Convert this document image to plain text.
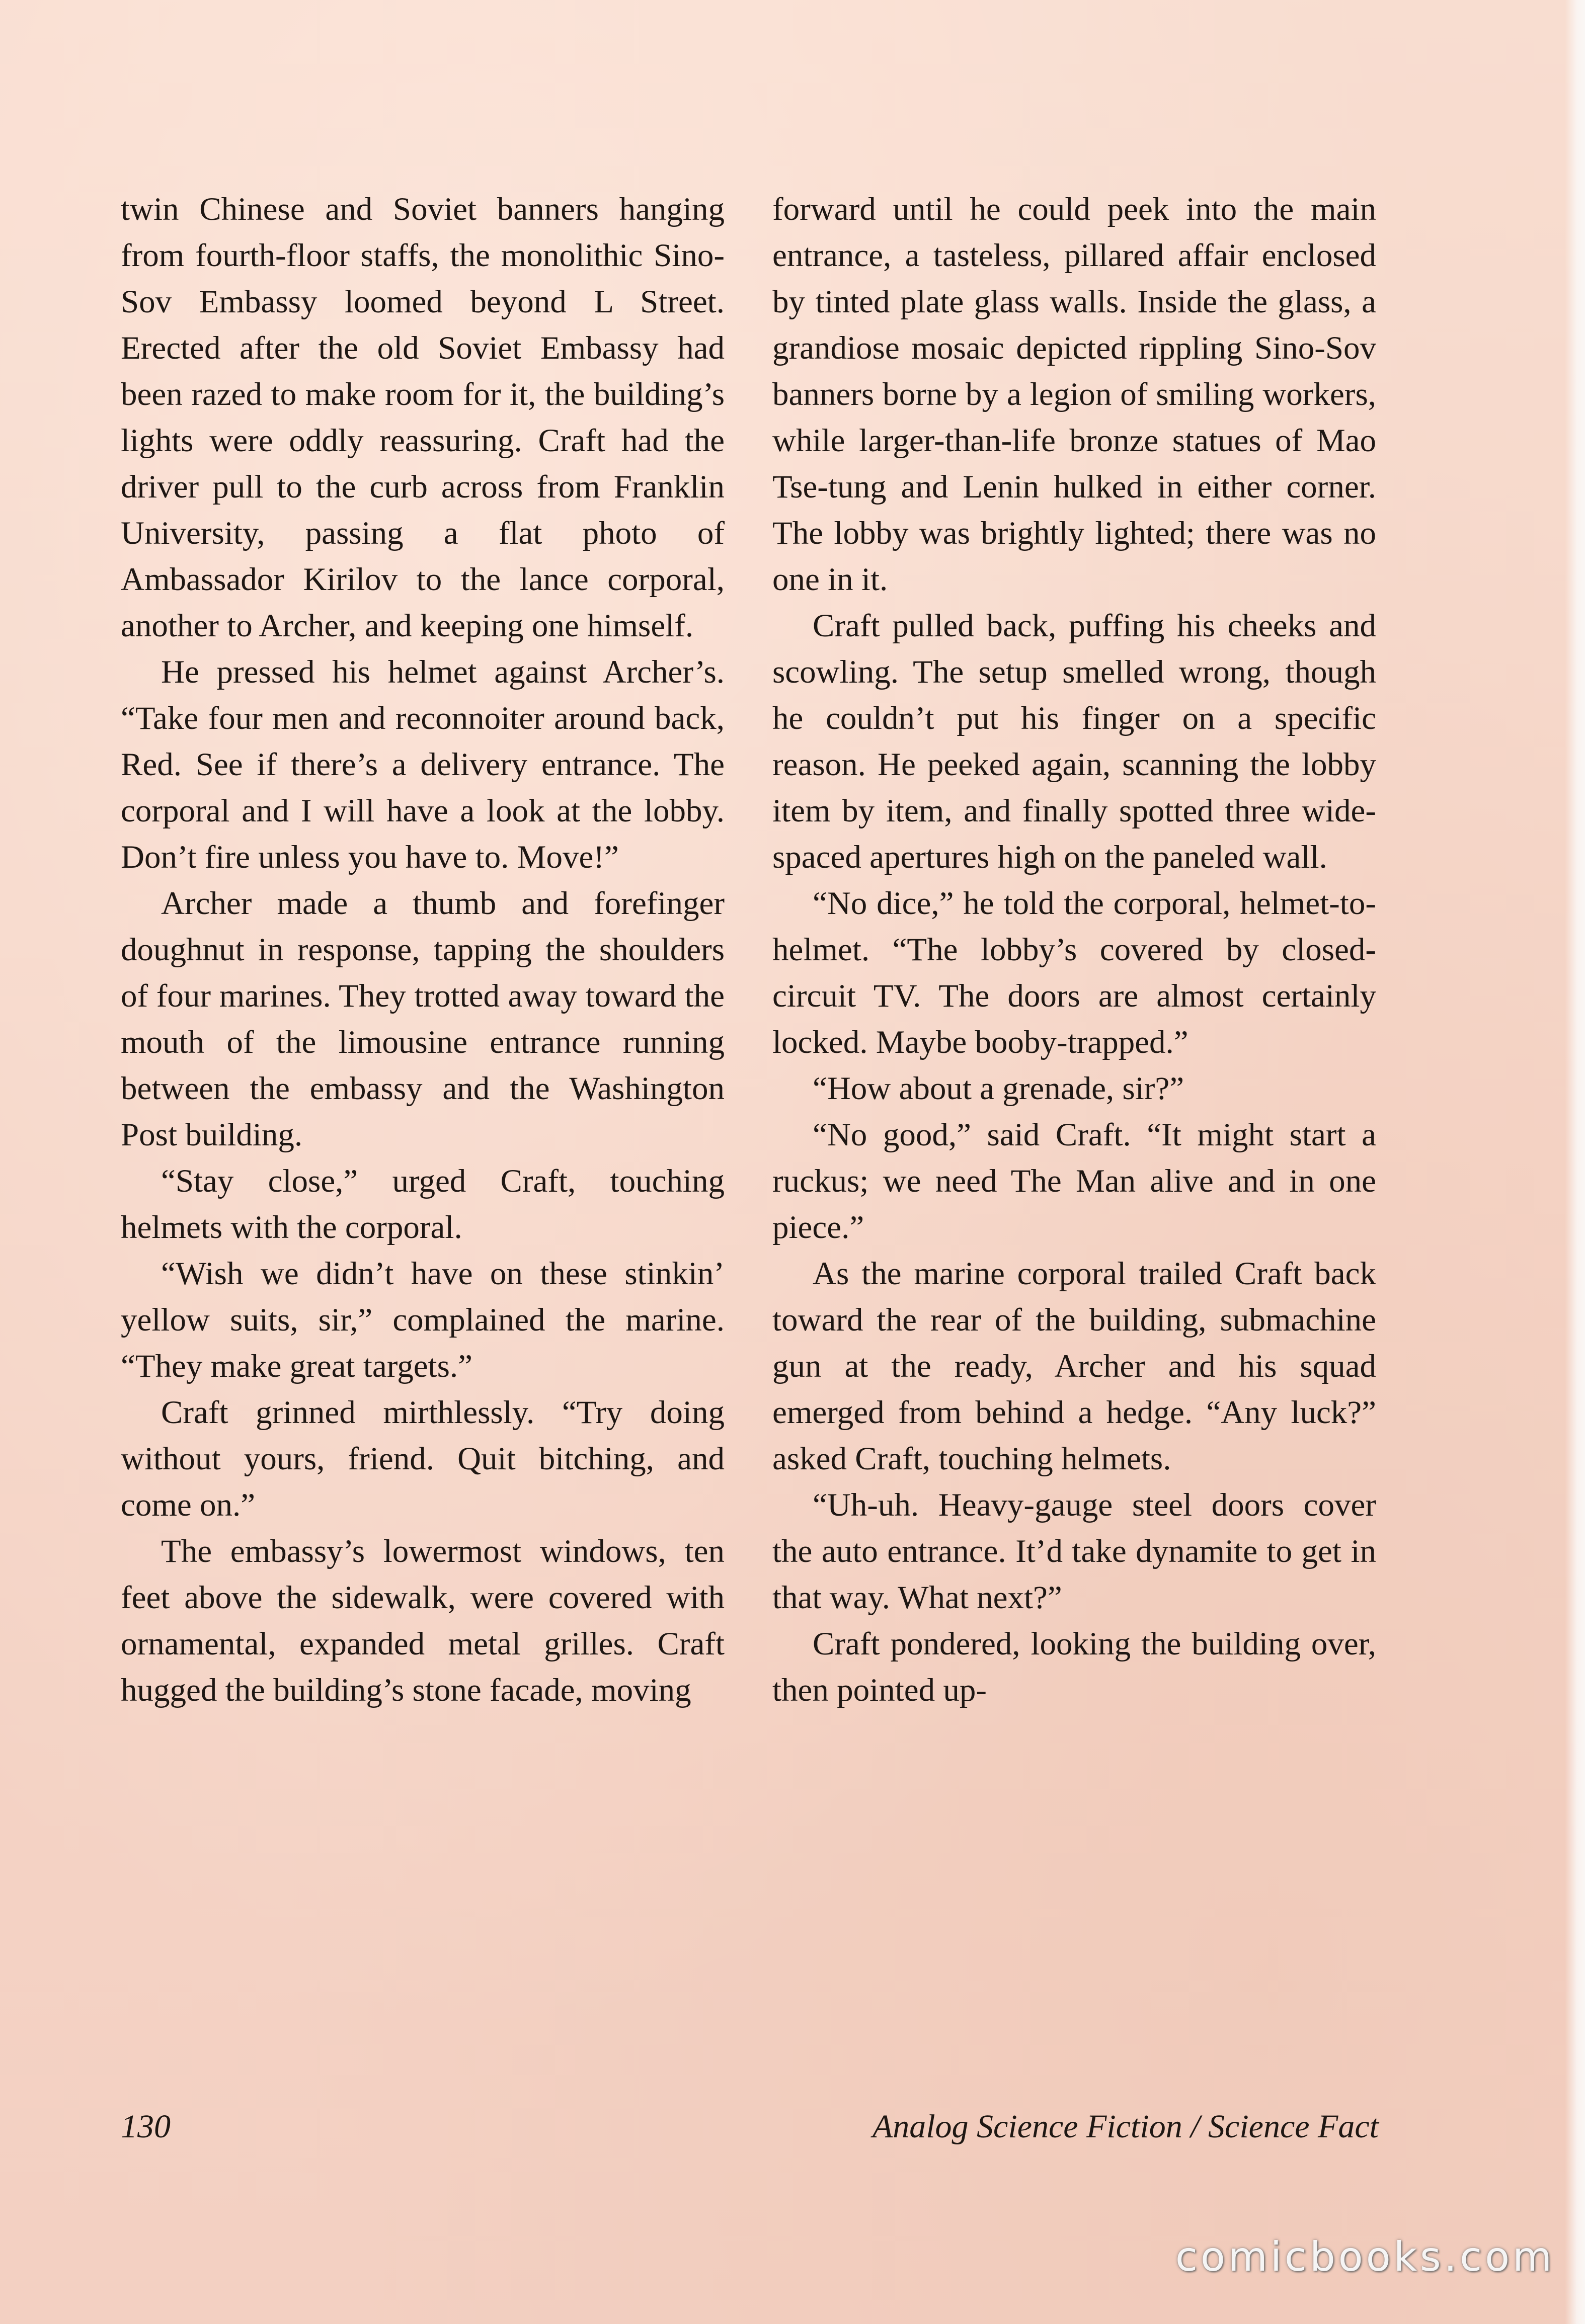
twin Chinese and Soviet banners hanging from fourth-floor staffs, the monolithic Sino-Sov Embassy loomed beyond L Street. Erected after the old Soviet Embassy had been razed to make room for it, the building’s lights were oddly reassuring. Craft had the driver pull to the curb across from Franklin University, passing a flat photo of Ambassador Kirilov to the lance corporal, another to Archer, and keeping one himself.

He pressed his helmet against Archer’s. “Take four men and reconnoiter around back, Red. See if there’s a delivery entrance. The corporal and I will have a look at the lobby. Don’t fire unless you have to. Move!”

Archer made a thumb and forefinger doughnut in response, tapping the shoulders of four marines. They trotted away toward the mouth of the limousine entrance running between the embassy and the Washington Post building.

“Stay close,” urged Craft, touching helmets with the corporal.

“Wish we didn’t have on these stinkin’ yellow suits, sir,” complained the marine. “They make great targets.”

Craft grinned mirthlessly. “Try doing without yours, friend. Quit bitching, and come on.”

The embassy’s lowermost windows, ten feet above the sidewalk, were covered with ornamental, expanded metal grilles. Craft hugged the building’s stone facade, moving

forward until he could peek into the main entrance, a tasteless, pillared affair enclosed by tinted plate glass walls. Inside the glass, a grandiose mosaic depicted rippling Sino-Sov banners borne by a legion of smiling workers, while larger-than-life bronze statues of Mao Tse-tung and Lenin hulked in either corner. The lobby was brightly lighted; there was no one in it.

Craft pulled back, puffing his cheeks and scowling. The setup smelled wrong, though he couldn’t put his finger on a specific reason. He peeked again, scanning the lobby item by item, and finally spotted three wide-spaced apertures high on the paneled wall.

“No dice,” he told the corporal, helmet-to-helmet. “The lobby’s covered by closed-circuit TV. The doors are almost certainly locked. Maybe booby-trapped.”

“How about a grenade, sir?”

“No good,” said Craft. “It might start a ruckus; we need The Man alive and in one piece.”

As the marine corporal trailed Craft back toward the rear of the building, submachine gun at the ready, Archer and his squad emerged from behind a hedge. “Any luck?” asked Craft, touching helmets.

“Uh-uh. Heavy-gauge steel doors cover the auto entrance. It’d take dynamite to get in that way. What next?”

Craft pondered, looking the building over, then pointed up-

130	Analog Science Fiction / Science Fact
comicbooks.com
